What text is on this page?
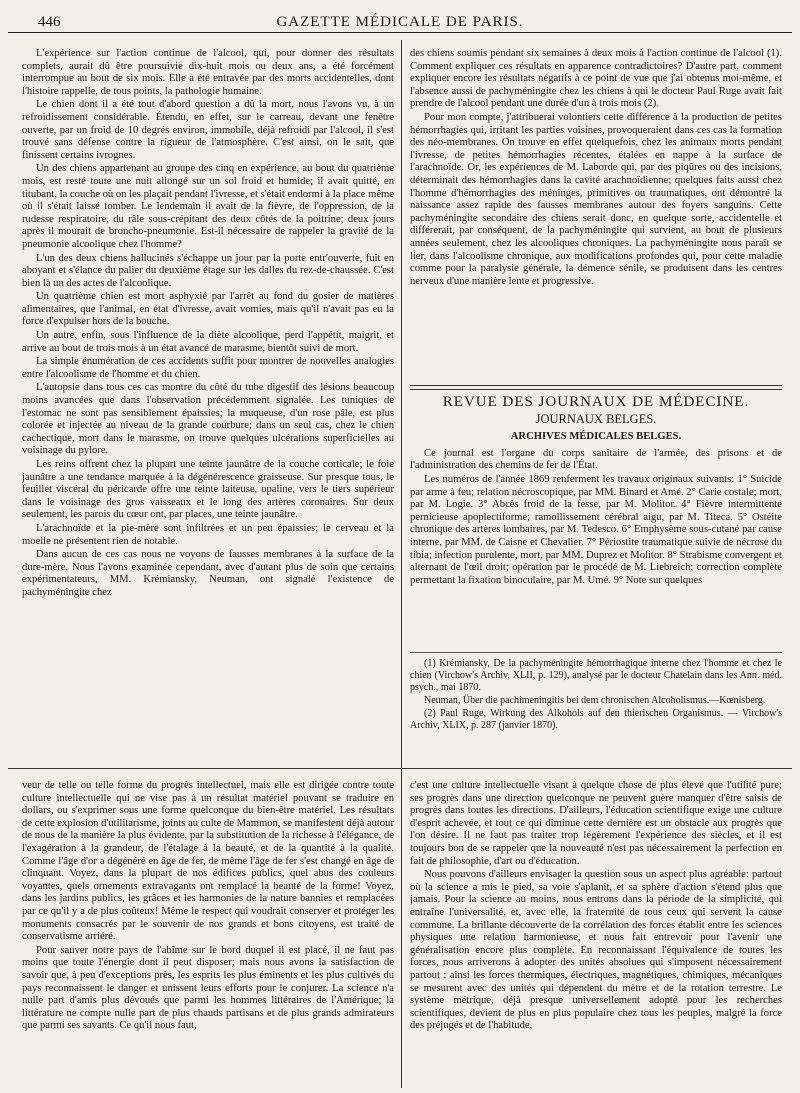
446	GAZETTE MÉDICALE DE PARIS.

L'expérience sur l'action continue de l'alcool, qui, pour donner des résultats complets, aurait dû être poursuivie dix-huit mois ou deux ans, a été forcément interrompue au bout de six mois. Elle a été entravée par des morts accidentelles, dont l'histoire rappelle, de tous points, la pathologie humaine.

Le chien dont il a été tout d'abord question a dû la mort, nous l'avons vu, à un refroidissement considérable. Étendu, en effet, sur le carreau, devant une fenêtre ouverte, par un froid de 10 degrés environ, immobile, déjà refroidi par l'alcool, il s'est trouvé sans défense contre la rigueur de l'atmosphère. C'est ainsi, on le sait, que finissent certains ivrognes.

Un des chiens appartenant au groupe des cinq en expérience, au bout du quatrième mois, est resté toute une nuit allongé sur un sol froid et humide; il avait quitté, en titubant, la couche où on les plaçait pendant l'ivresse, et s'était endormi à la place même où il s'était laissé tomber. Le lendemain il avait de la fièvre, de l'oppression, de la rudesse respiratoire, du râle sous-crépitant des deux côtés de la poitrine; deux jours après il mourait de broncho-pneumonie. Est-il nécessaire de rappeler la gravité de la pneumonie alcoolique chez l'homme?

L'un des deux chiens hallucinés s'échappe un jour par la porte entr'ouverte, fuit en aboyant et s'élance du palier du deuxième étage sur les dalles du rez-de-chaussée. C'est bien là un des actes de l'alcoolique.

Un quatrième chien est mort asphyxié par l'arrêt au fond du gosier de matières alimentaires, que l'animal, en état d'ivresse, avait vomies, mais qu'il n'avait pas eu la force d'expulser hors de la bouche.

Un autre, enfin, sous l'influence de la diète alcoolique, perd l'appétit, maigrit, et arrive au bout de trois mois à un état avancé de marasme, bientôt suivi de mort.

La simple énumération de ces accidents suffit pour montrer de nouvelles analogies entre l'alcoolisme de l'homme et du chien.

L'autopsie dans tous ces cas montre du côté du tube digestif des lésions beaucoup moins avancées que dans l'observation précédemment signalée. Les tuniques de l'estomac ne sont pas sensiblement épaissies; la muqueuse, d'un rose pâle, est plus colorée et injectée au niveau de la grande courbure; dans un seul cas, chez le chien cachectique, mort dans le marasme, on trouve quelques ulcérations superficielles au voisinage du pylore.

Les reins offrent chez la plupart une teinte jaunâtre de la couche corticale; le foie jaunâtre a une tendance marquée à la dégénérescence graisseuse. Sur presque tous, le feuillet viscéral du péricarde offre une teinte laiteuse, opaline, vers le tiers supérieur dans le voisinage des gros vaisseaux et le long des artères coronaires. Sur deux seulement, les parois du cœur ont, par places, une teinte jaunâtre.

L'arachnoïde et la pie-mère sont infiltrées et un peu épaissies; le cerveau et la moelle ne présentent rien de notable.

Dans aucun de ces cas nous ne voyons de fausses membranes à la surface de la dure-mère. Nous l'avons examinée cependant, avec d'autant plus de soin que certains expérimentateurs, MM. Krémiansky, Neuman, ont signalé l'existence de pachyméningite chez

des chiens soumis pendant six semaines à deux mois à l'action continue de l'alcool (1). Comment expliquer ces résultats en apparence contradictoires? D'autre part, comment expliquer encore les résultats négatifs à ce point de vue que j'ai obtenus moi-même, et l'absence aussi de pachyméningite chez les chiens à qui le docteur Paul Ruge avait fait prendre de l'alcool pendant une durée d'un à trois mois (2).

Pour mon compte, j'attribuerai volontiers cette différence à la production de petites hémorrhagies qui, irritant les parties voisines, provoqueraient dans ces cas la formation des néo-membranes. On trouve en effet quelquefois, chez les animaux morts pendant l'ivresse, de petites hémorrhagies récentes, étalées en nappe à la surface de l'arachnoïde. Or, les expériences de M. Laborde qui, par des piqûres ou des incisions, déterminait des hémorrhagies dans la cavité arachnoïdienne; quelques faits aussi chez l'homme d'hémorrhagies des méninges, primitives ou traumatiques, ont démontré la naissance assez rapide des fausses membranes autour des foyers sanguins. Cette pachyméningite secondaire des chiens serait donc, en quelque sorte, accidentelle et différerait, par conséquent, de la pachyméningite qui survient, au bout de plusieurs années seulement, chez les alcooliques chroniques. La pachyméningite nous paraît se lier, dans l'alcoolisme chronique, aux modifications profondes qui, pour cette maladie comme pour la paralysie générale, la démence sénile, se produisent dans les centres nerveux d'une manière lente et progressive.

REVUE DES JOURNAUX DE MÉDECINE.
JOURNAUX BELGES.
ARCHIVES MÉDICALES BELGES.

Ce journal est l'organe du corps sanitaire de l'armée, des prisons et de l'administration des chemins de fer de l'État.

Les numéros de l'année 1869 renferment les travaux originaux suivants: 1° Suicide par arme à feu; relation nécroscopique, par MM. Binard et Amé. 2° Carie costale; mort, par M. Logie. 3° Abcès froid de la fesse, par M. Molitor. 4° Fièvre intermittente pernicieuse apoplectiforme; ramollissement cérébral aigu, par M. Titeca. 5° Ostéite chronique des artères lombaires, par M. Tedesco. 6° Emphysème sous-cutané par cause interne, par MM. de Caisne et Chevalier. 7° Périostite traumatique suivie de nécrose du tibia; infection purulente, mort, par MM. Duprez et Molitor. 8° Strabisme convergent et alternant de l'œil droit; opération par le procédé de M. Liebreich; correction complète permettant la fixation binoculaire, par M. Umé. 9° Note sur quelques

(1) Krémiansky, De la pachyméningite hémorrhagique interne chez l'homme et chez le chien (Virchow's Archiv, XLII, p. 129), analysé par le docteur Chatelain dans les Ann. méd. psych., mai 1870.

Neuman, Über die pachimeningitis bei dem chronischen Alcoholismus.—Kœnisberg.

(2) Paul Ruge, Wirkung des Alkohols auf den thierischen Organismus. — Virchow's Archiv, XLIX, p. 287 (janvier 1870).

veur de telle ou telle forme du progrès intellectuel, mais elle est dirigée contre toute culture intellectuelle qui ne vise pas à un résultat matériel pouvant se traduire en dollars, ou s'exprimer sous une forme quelconque du bien-être matériel. Les résultats de cette explosion d'utilitarisme, joints au culte de Mammon, se manifestent déjà autour de nous de la manière la plus évidente, par la substitution de la richesse à l'élégance, de l'exagération à la grandeur, de l'étalage à la beauté, et de la quantité à la qualité. Comme l'âge d'or a dégénéré en âge de fer, de même l'âge de fer s'est changé en âge de clinquant. Voyez, dans la plupart de nos édifices publics, quel abus des couleurs voyantes, quels ornements extravagants ont remplacé la beauté de la forme! Voyez, dans les jardins publics, les grâces et les harmonies de la nature bannies et remplacées par ce qu'il y a de plus coûteux! Même le respect qui voudrait conserver et protéger les monuments consacrés par le souvenir de nos grands et bons citoyens, est traité de conservatisme arriéré.

Pour sauver notre pays de l'abîme sur le bord duquel il est placé, il ne faut pas moins que toute l'énergie dont il peut disposer; mais nous avons la satisfaction de savoir que, à peu d'exceptions près, les esprits les plus éminents et les plus cultivés du pays reconnaissent le danger et unissent leurs efforts pour le conjurer. La science n'a nulle part d'amis plus dévoués que parmi les hommes littéraires de l'Amérique; la littérature ne compte nulle part de plus chauds partisans et de plus grands admirateurs que parmi ses savants. Ce qu'il nous faut,

c'est une culture intellectuelle visant à quelque chose de plus élevé que l'utilité pure; ses progrès dans une direction quelconque ne peuvent guère manquer d'être saisis de progrès dans toutes les directions. D'ailleurs, l'éducation scientifique exige une culture d'esprit achevée, et tout ce qui diminue cette dernière est un obstacle aux progrès que l'on désire. Il ne faut pas traiter trop légèrement l'expérience des siècles, et il est toujours bon de se rappeler que la nouveauté n'est pas nécessairement la perfection en fait de philosophie, d'art ou d'éducation.

Nous pouvons d'ailleurs envisager la question sous un aspect plus agréable: partout où la science a mis le pied, sa voie s'aplanit, et sa sphère d'action s'étend plus que jamais. Pour la science au moins, nous entrons dans la période de la simplicité, qui entraîne l'universalité, et, avec elle, la fraternité de tous ceux qui servent la cause commune. La brillante découverte de la corrélation des forces établit entre les sciences physiques une relation harmonieuse, et nous fait entrevoir pour l'avenir une généralisation encore plus complète. En reconnaissant l'équivalence de toutes les forces, nous arriverons à adopter des unités absolues qui s'imposent nécessairement partout : ainsi les forces thermiques, électriques, magnétiques, chimiques, mécaniques se mesurent avec des unités qui dépendent du mètre et de la rotation terrestre. Le système métrique, déjà presque universellement adopté pour les recherches scientifiques, devient de plus en plus populaire chez tous les peuples, malgré la force des préjugés et de l'habitude,
